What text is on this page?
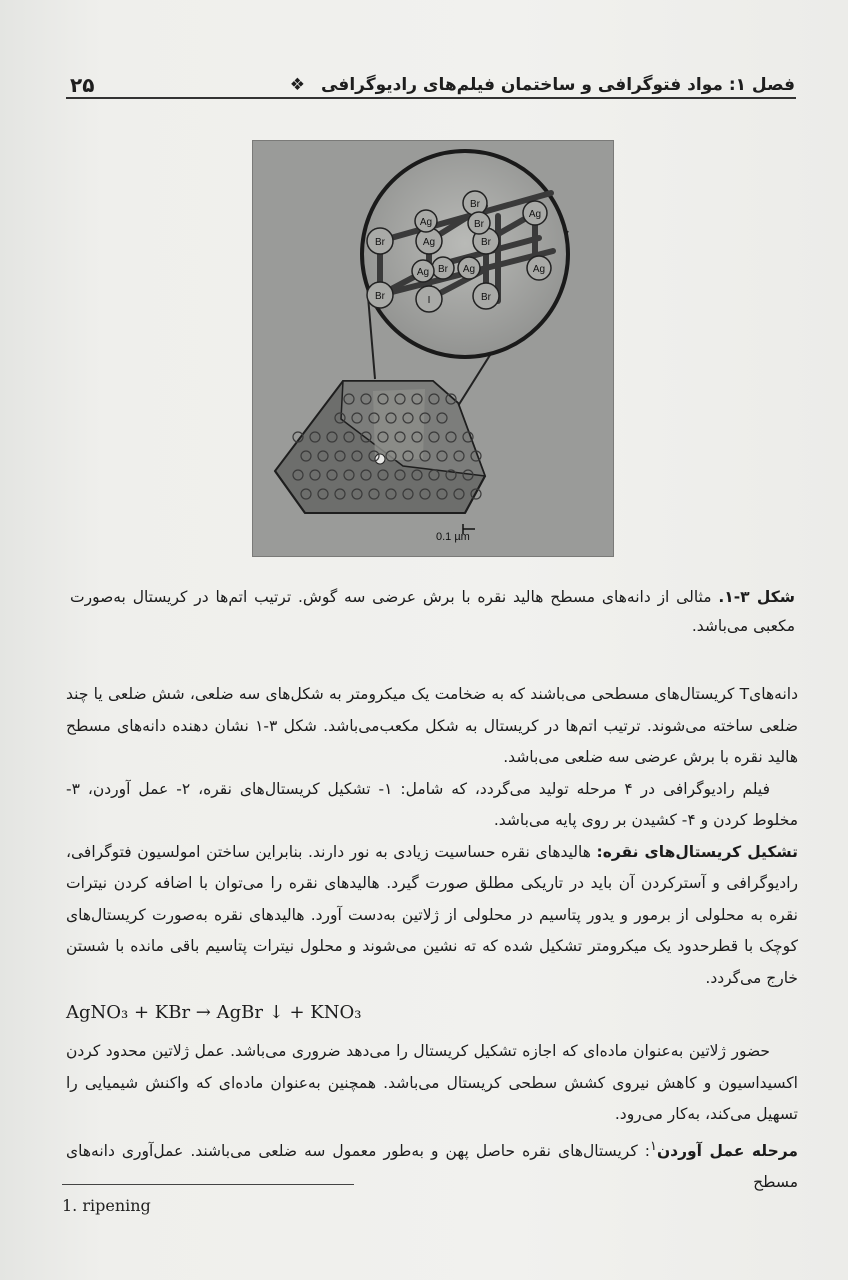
فصل ۱: مواد فتوگرافی و ساختمان فیلم‌های رادیوگرافی
❖
۲۵
Br	Ag	Br
Ag
Br
Ag
Br
Ag
Br	Ag
Ag
Br	I	Br
0.1 µm
شکل ۳-۱. مثالی از دانه‌های مسطح هالید نقره با برش عرضی سه گوش. ترتیب اتم‌ها در کریستال به‌صورت مکعبی می‌باشد.

دانه‌هایT کریستال‌های مسطحی می‌باشند که به ضخامت یک میکرومتر به شکل‌های سه ضلعی، شش ضلعی یا چند ضلعی ساخته می‌شوند. ترتیب اتم‌ها در کریستال به شکل مکعب‌می‌باشد. شکل ۳-۱ نشان دهنده دانه‌های مسطح هالید نقره با برش عرضی سه ضلعی می‌باشد.

فیلم رادیوگرافی در ۴ مرحله تولید می‌گردد، که شامل: ۱- تشکیل کریستال‌های نقره، ۲- عمل آوردن، ۳- مخلوط کردن و ۴- کشیدن بر روی پایه می‌باشد.

تشکیل کریستال‌های نقره: هالیدهای نقره حساسیت زیادی به نور دارند. بنابراین ساختن امولسیون فتوگرافی، رادیوگرافی و آسترکردن آن باید در تاریکی مطلق صورت گیرد. هالیدهای نقره را می‌توان با اضافه کردن نیترات نقره به محلولی از برمور و یدور پتاسیم در محلولی از ژلاتین به‌دست آورد. هالیدهای نقره به‌صورت کریستال‌های کوچک با قطرحدود یک میکرومتر تشکیل شده که ته نشین می‌شوند و محلول نیترات پتاسیم باقی مانده با شستن خارج می‌گردد.

AgNO₃ + KBr → AgBr ↓ + KNO₃

حضور ژلاتین به‌عنوان ماده‌ای که اجازه تشکیل کریستال را می‌دهد ضروری می‌باشد. عمل ژلاتین محدود کردن اکسیداسیون و کاهش نیروی کشش سطحی کریستال می‌باشد. همچنین به‌عنوان ماده‌ای که واکنش شیمیایی را تسهیل می‌کند، به‌کار می‌رود.

مرحله عمل آوردن$^۱$: کریستال‌های نقره حاصل پهن و به‌طور معمول سه ضلعی می‌باشند. عمل‌آوری دانه‌های مسطح

1. ripening
